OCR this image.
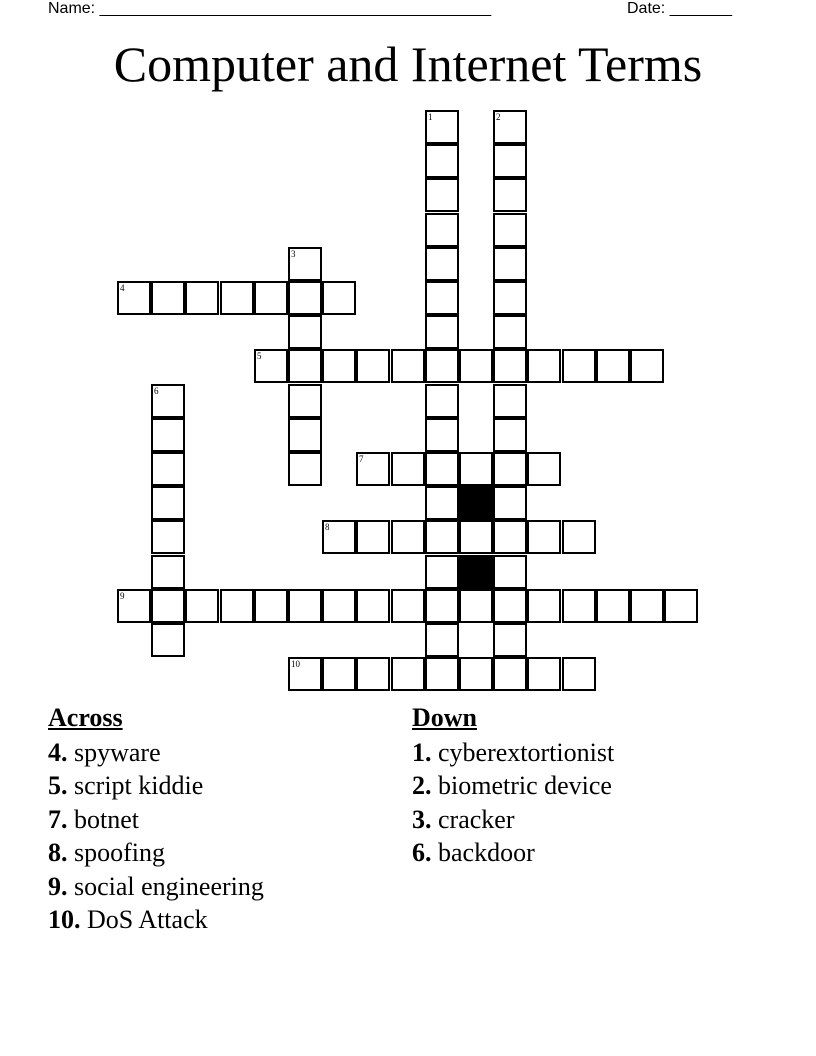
Name: ____________________________________________	Date: _______
Computer and Internet Terms
1	2
3
4
5
6
7
8
9
10
Across
4. spyware
5. script kiddie
7. botnet
8. spoofing
9. social engineering
10. DoS Attack
Down
1. cyberextortionist
2. biometric device
3. cracker
6. backdoor
